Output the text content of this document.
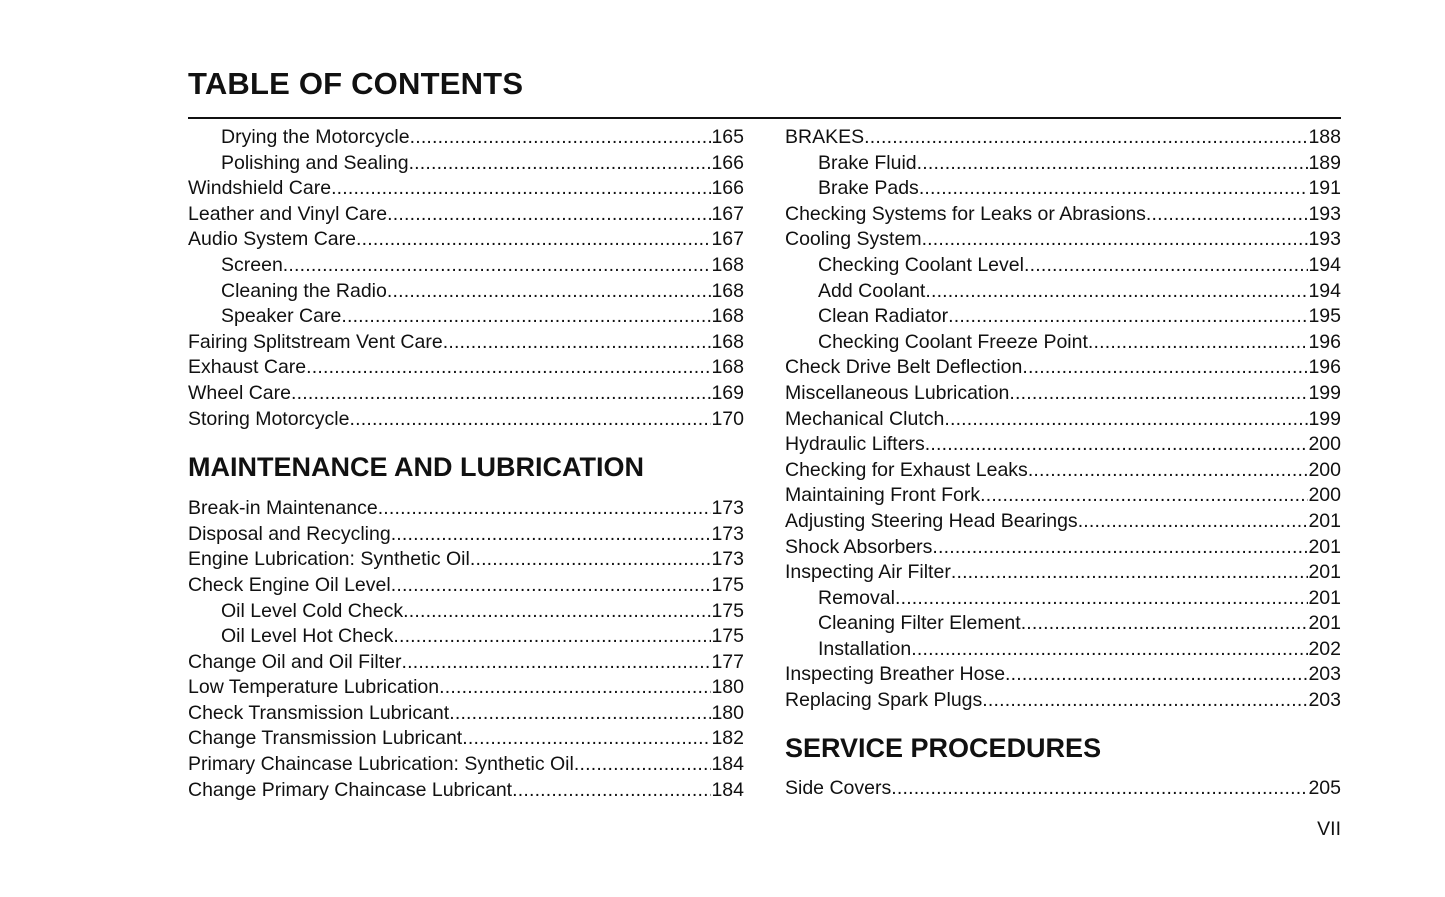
TABLE OF CONTENTS
Drying the Motorcycle .....	165
Polishing and Sealing .....	166
Windshield Care .....	166
Leather and Vinyl Care .....	167
Audio System Care .....	167
Screen .....	168
Cleaning the Radio .....	168
Speaker Care .....	168
Fairing Splitstream Vent Care .....	168
Exhaust Care .....	168
Wheel Care .....	169
Storing Motorcycle .....	170
MAINTENANCE AND LUBRICATION
Break-in Maintenance .....	173
Disposal and Recycling .....	173
Engine Lubrication: Synthetic Oil .....	173
Check Engine Oil Level .....	175
Oil Level Cold Check .....	175
Oil Level Hot Check .....	175
Change Oil and Oil Filter .....	177
Low Temperature Lubrication .....	180
Check Transmission Lubricant .....	180
Change Transmission Lubricant .....	182
Primary Chaincase Lubrication: Synthetic Oil .....	184
Change Primary Chaincase Lubricant .....	184
BRAKES .....	188
Brake Fluid .....	189
Brake Pads .....	191
Checking Systems for Leaks or Abrasions .....	193
Cooling System .....	193
Checking Coolant Level .....	194
Add Coolant .....	194
Clean Radiator .....	195
Checking Coolant Freeze Point .....	196
Check Drive Belt Deflection .....	196
Miscellaneous Lubrication .....	199
Mechanical Clutch .....	199
Hydraulic Lifters .....	200
Checking for Exhaust Leaks .....	200
Maintaining Front Fork .....	200
Adjusting Steering Head Bearings .....	201
Shock Absorbers .....	201
Inspecting Air Filter .....	201
Removal .....	201
Cleaning Filter Element .....	201
Installation .....	202
Inspecting Breather Hose .....	203
Replacing Spark Plugs .....	203
SERVICE PROCEDURES
Side Covers .....	205
VII
